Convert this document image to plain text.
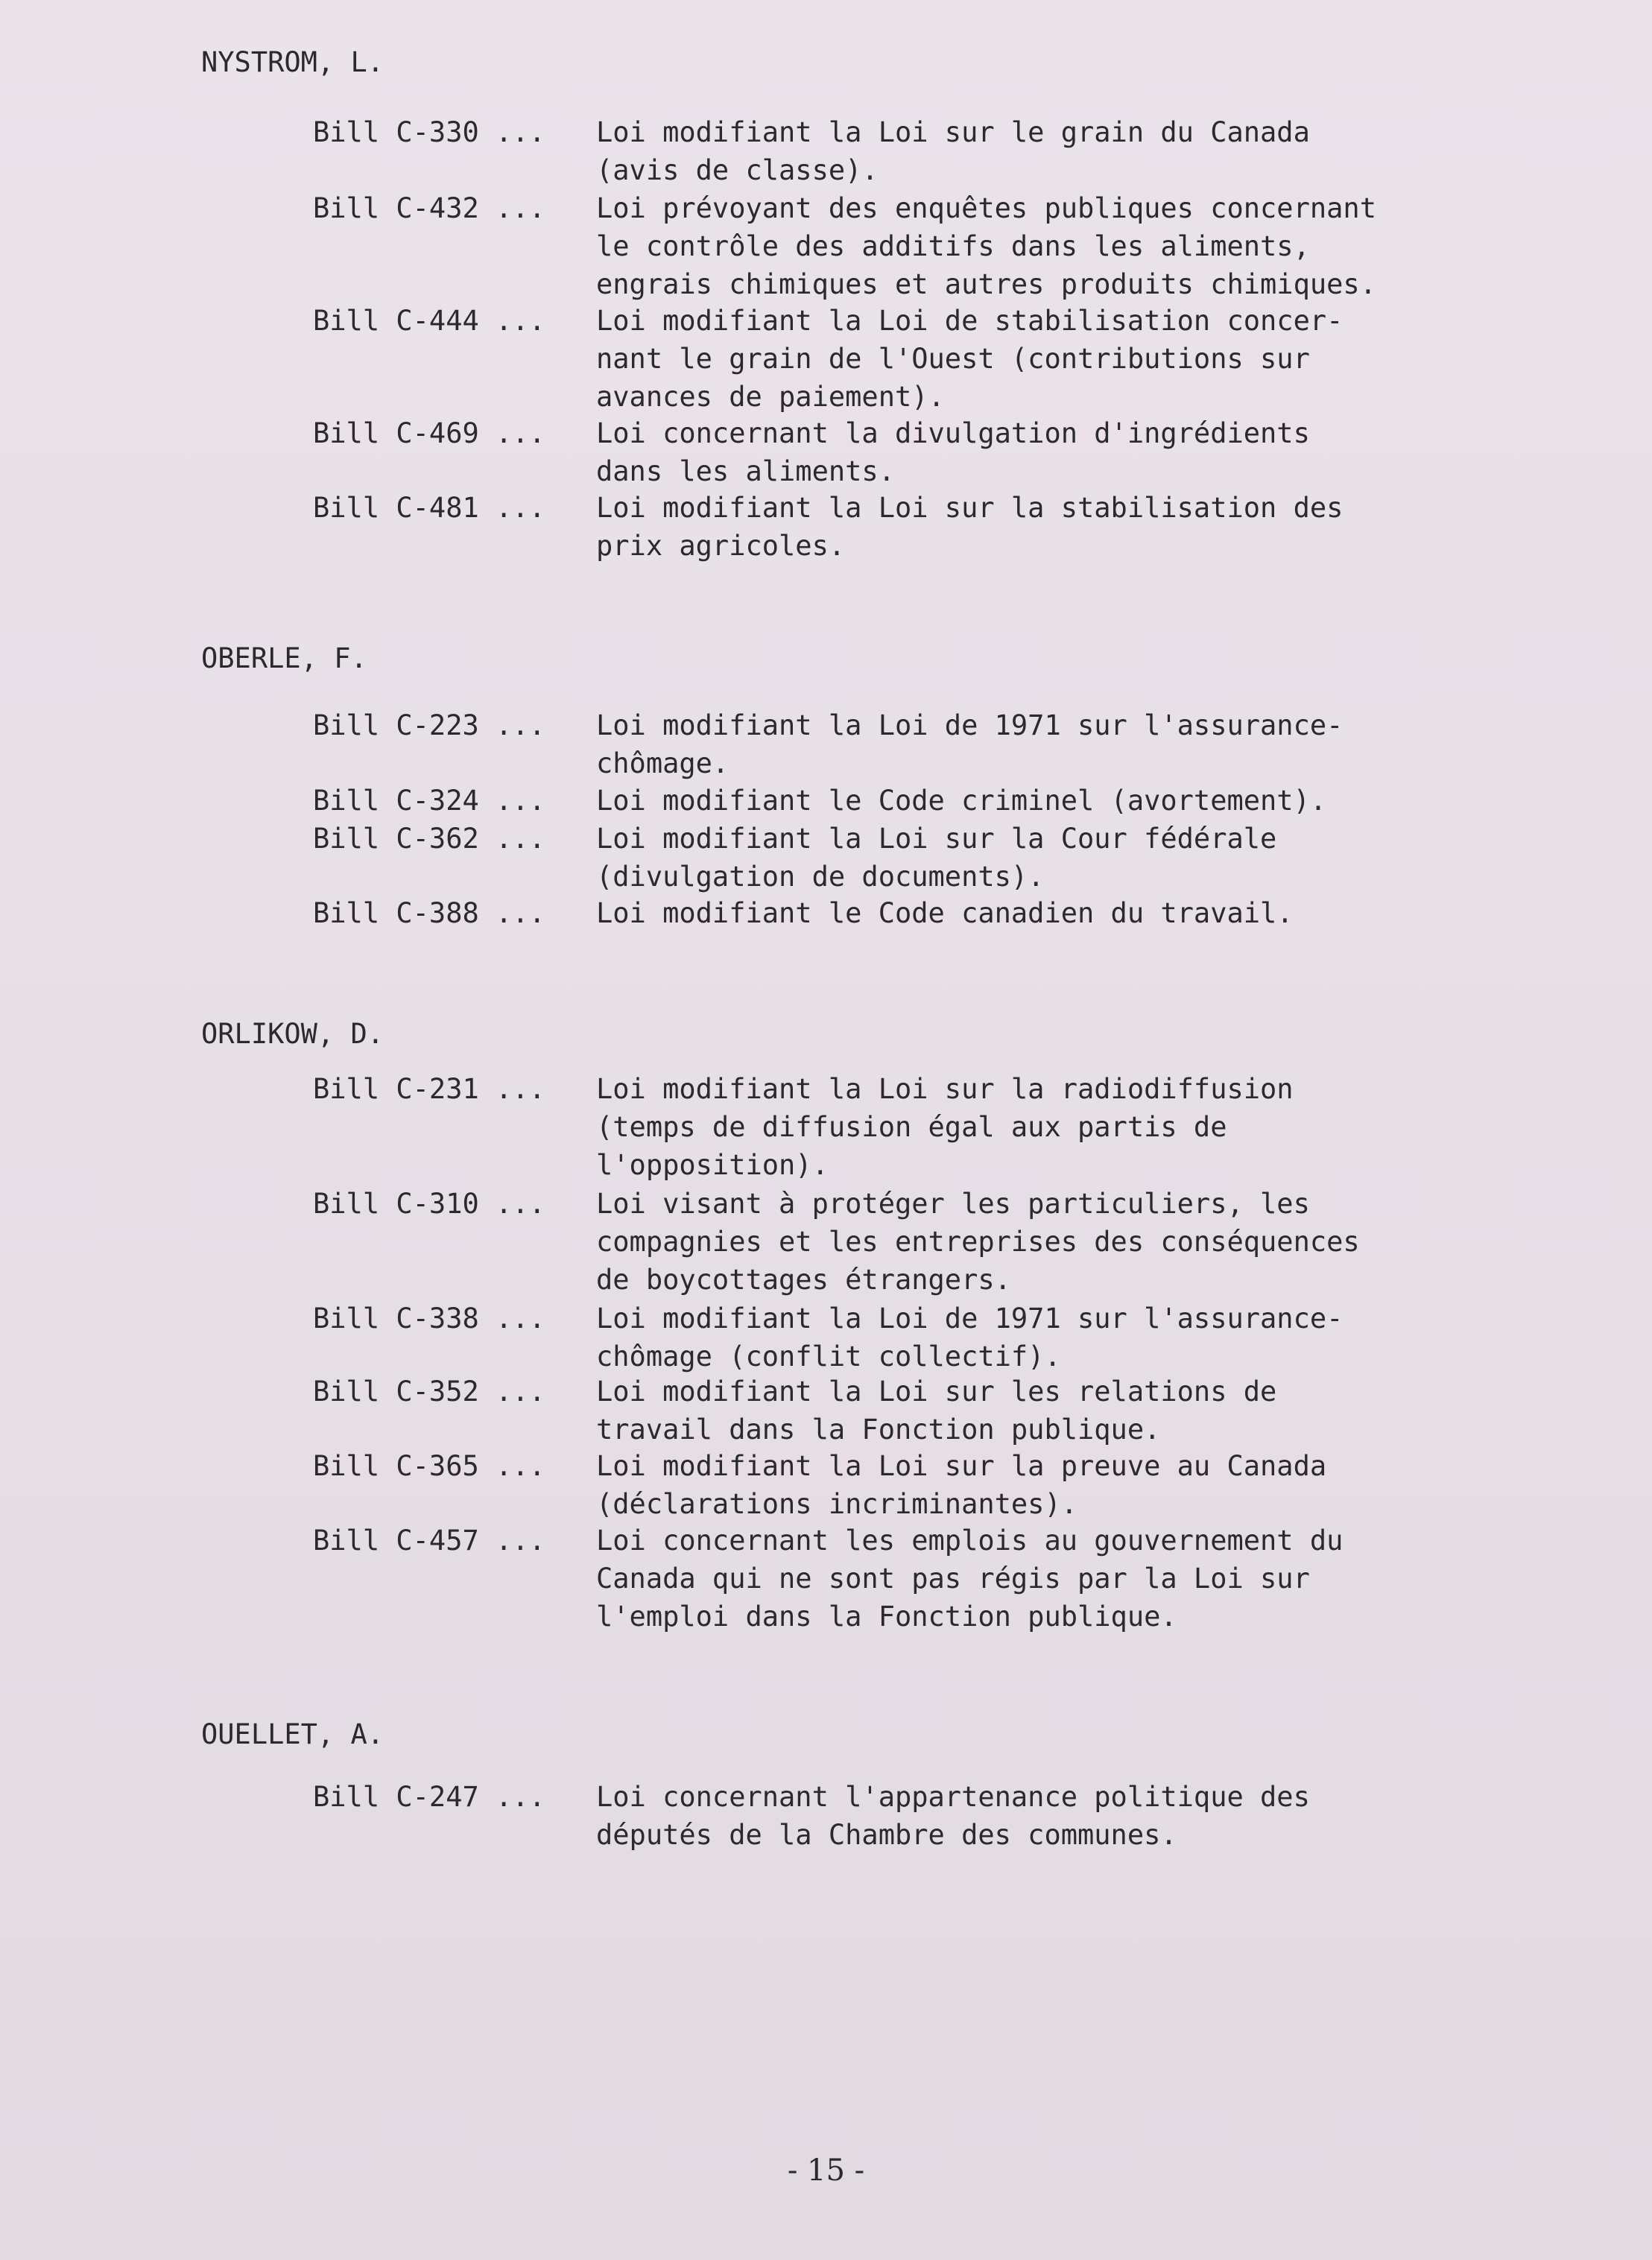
NYSTROM, L.
Bill C-330 ... Loi modifiant la Loi sur le grain du Canada
(avis de classe).
Bill C-432 ... Loi prévoyant des enquêtes publiques concernant
le contrôle des additifs dans les aliments,
engrais chimiques et autres produits chimiques.
Bill C-444 ... Loi modifiant la Loi de stabilisation concer-
nant le grain de l'Ouest (contributions sur
avances de paiement).
Bill C-469 ... Loi concernant la divulgation d'ingrédients
dans les aliments.
Bill C-481 ... Loi modifiant la Loi sur la stabilisation des
prix agricoles.
OBERLE, F.
Bill C-223 ... Loi modifiant la Loi de 1971 sur l'assurance-
chômage.
Bill C-324 ... Loi modifiant le Code criminel (avortement).
Bill C-362 ... Loi modifiant la Loi sur la Cour fédérale
(divulgation de documents).
Bill C-388 ... Loi modifiant le Code canadien du travail.
ORLIKOW, D.
Bill C-231 ... Loi modifiant la Loi sur la radiodiffusion
(temps de diffusion égal aux partis de
l'opposition).
Bill C-310 ... Loi visant à protéger les particuliers, les
compagnies et les entreprises des conséquences
de boycottages étrangers.
Bill C-338 ... Loi modifiant la Loi de 1971 sur l'assurance-
chômage (conflit collectif).
Bill C-352 ... Loi modifiant la Loi sur les relations de
travail dans la Fonction publique.
Bill C-365 ... Loi modifiant la Loi sur la preuve au Canada
(déclarations incriminantes).
Bill C-457 ... Loi concernant les emplois au gouvernement du
Canada qui ne sont pas régis par la Loi sur
l'emploi dans la Fonction publique.
OUELLET, A.
Bill C-247 ... Loi concernant l'appartenance politique des
députés de la Chambre des communes.
- 15 -
